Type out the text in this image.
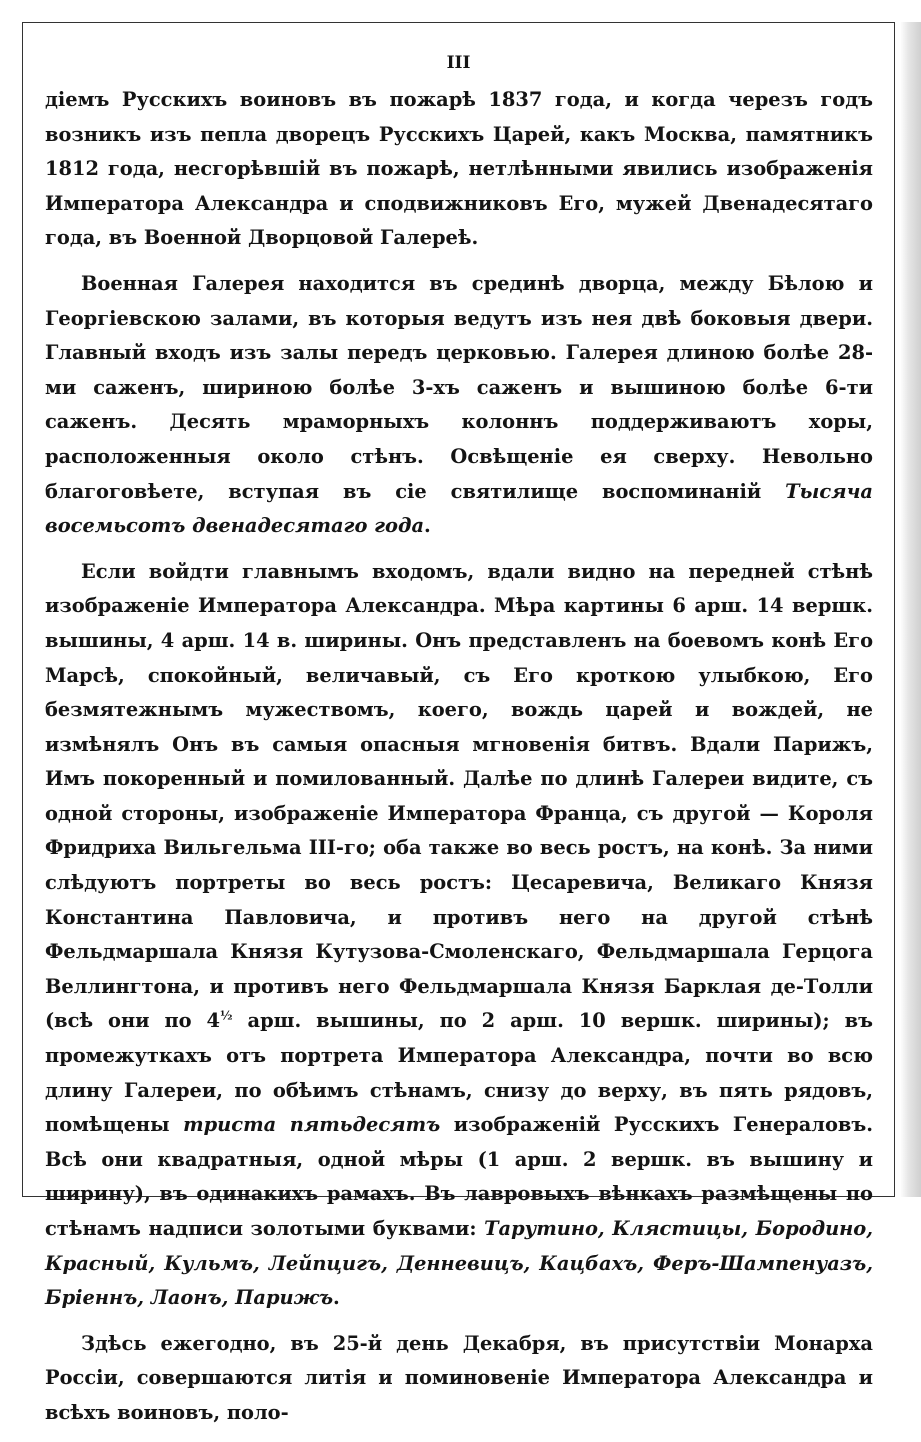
III

діемъ Русскихъ воиновъ въ пожарѣ 1837 года, и когда черезъ годъ возникъ изъ пепла дворецъ Русскихъ Царей, какъ Москва, памятникъ 1812 года, несгорѣвшій въ пожарѣ, нетлѣнными явились изображенія Императора Александра и сподвижниковъ Его, мужей Двенадесятаго года, въ Военной Дворцовой Галереѣ.

Военная Галерея находится въ срединѣ дворца, между Бѣлою и Георгіевскою залами, въ которыя ведутъ изъ нея двѣ боковыя двери. Главный входъ изъ залы передъ церковью. Галерея длиною болѣе 28-ми саженъ, шириною болѣе 3-хъ саженъ и вышиною болѣе 6-ти саженъ. Десять мраморныхъ колоннъ поддерживаютъ хоры, расположенныя около стѣнъ. Освѣщеніе ея сверху. Невольно благоговѣете, вступая въ сіе святилище воспоминаній Тысяча восемьсотъ двенадесятаго года.

Если войдти главнымъ входомъ, вдали видно на передней стѣнѣ изображеніе Императора Александра. Мѣра картины 6 арш. 14 вершк. вышины, 4 арш. 14 в. ширины. Онъ представленъ на боевомъ конѣ Его Марсѣ, спокойный, величавый, съ Его кроткою улыбкою, Его безмятежнымъ мужествомъ, коего, вождь царей и вождей, не измѣнялъ Онъ въ самыя опасныя мгновенія битвъ. Вдали Парижъ, Имъ покоренный и помилованный. Далѣе по длинѣ Галереи видите, съ одной стороны, изображеніе Императора Франца, съ другой — Короля Фридриха Вильгельма III-го; оба также во весь ростъ, на конѣ. За ними слѣдуютъ портреты во весь ростъ: Цесаревича, Великаго Князя Константина Павловича, и противъ него на другой стѣнѣ Фельдмаршала Князя Кутузова-Смоленскаго, Фельдмаршала Герцога Веллингтона, и противъ него Фельдмаршала Князя Барклая де-Толли (всѣ они по $4^{\frac{1}{2}}$ арш. вышины, по 2 арш. 10 вершк. ширины); въ промежуткахъ отъ портрета Императора Александра, почти во всю длину Галереи, по обѣимъ стѣнамъ, снизу до верху, въ пять рядовъ, помѣщены триста пятьдесятъ изображеній Русскихъ Генераловъ. Всѣ они квадратныя, одной мѣры (1 арш. 2 вершк. въ вышину и ширину), въ одинакихъ рамахъ. Въ лавровыхъ вѣнкахъ размѣщены по стѣнамъ надписи золотыми буквами: Тарутино, Клястицы, Бородино, Красный, Кульмъ, Лейпцигъ, Денневицъ, Кацбахъ, Феръ-Шампенуазъ, Бріеннъ, Лаонъ, Парижъ.

Здѣсь ежегодно, въ 25-й день Декабря, въ присутствіи Монарха Россіи, совершаются литія и поминовеніе Императора Александра и всѣхъ воиновъ, поло-
